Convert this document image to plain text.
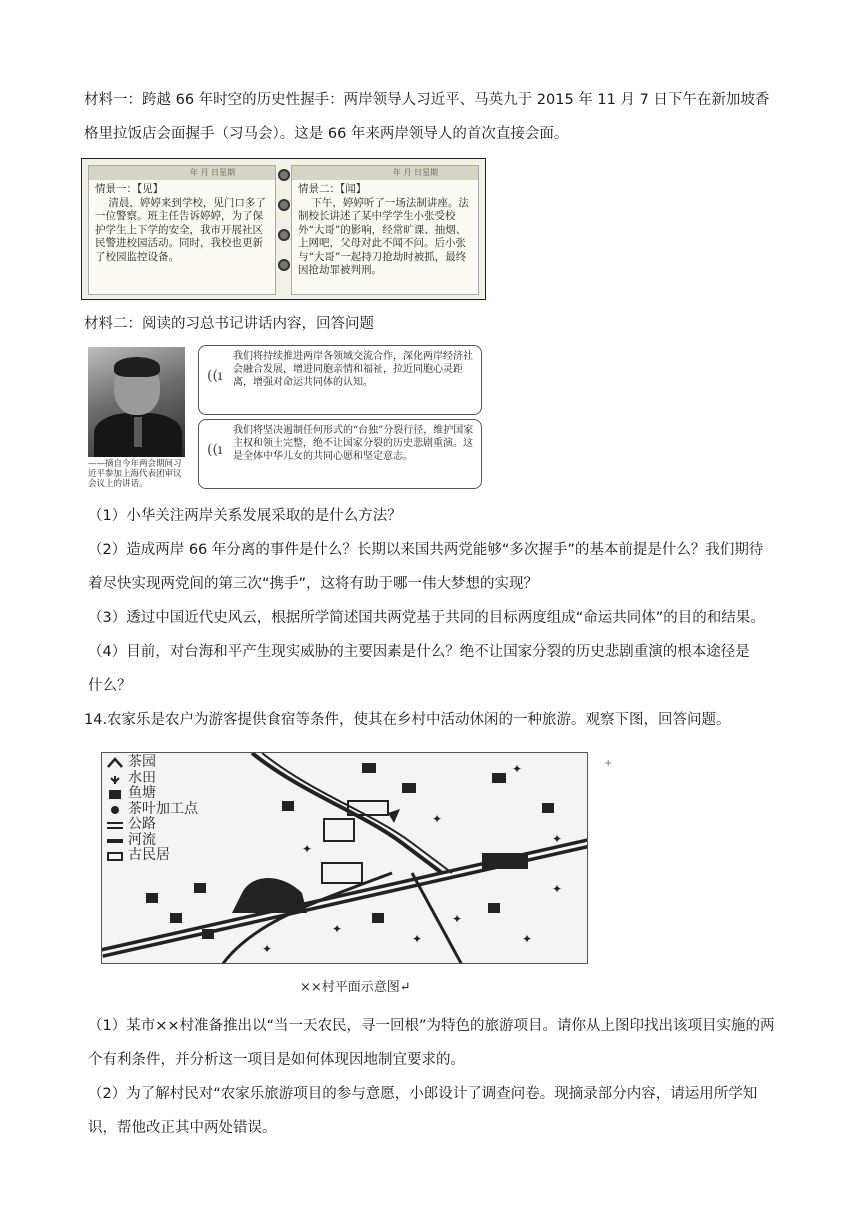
材料一：跨越 66 年时空的历史性握手：两岸领导人习近平、马英九于 2015 年 11 月 7 日下午在新加坡香
格里拉饭店会面握手（习马会）。这是 66 年来两岸领导人的首次直接会面。
年 月 日星期
情景一：【见】
清晨，婷婷来到学校，见门口多了一位警察。班主任告诉婷婷，为了保护学生上下学的安全，我市开展社区民警进校园活动。同时，我校也更新了校园监控设备。
年 月 日星期
情景二：【闻】
下午，婷婷听了一场法制讲座。法制校长讲述了某中学学生小张受校外“大哥”的影响，经常旷课、抽烟、上网吧，父母对此不闻不问。后小张与“大哥”一起持刀抢劫时被抓，最终因抢劫罪被判刑。
材料二：阅读的习总书记讲话内容，回答问题
——摘自今年两会期间习近平参加上海代表团审议会议上的讲话。
((ı
我们将持续推进两岸各领域交流合作，深化两岸经济社会融合发展，增进同胞亲情和福祉，拉近同胞心灵距离，增强对命运共同体的认知。
((ı
我们将坚决遏制任何形式的“台独”分裂行径，维护国家主权和领土完整，绝不让国家分裂的历史悲剧重演。这是全体中华儿女的共同心愿和坚定意志。
（1）小华关注两岸关系发展采取的是什么方法？
（2）造成两岸 66 年分离的事件是什么？长期以来国共两党能够“多次握手”的基本前提是什么？我们期待
着尽快实现两党间的第三次“携手”，这将有助于哪一伟大梦想的实现？
（3）透过中国近代史风云，根据所学简述国共两党基于共同的目标两度组成“命运共同体”的目的和结果。
（4）目前，对台海和平产生现实威胁的主要因素是什么？绝不让国家分裂的历史悲剧重演的根本途径是
什么？
14.农家乐是农户为游客提供食宿等条件，使其在乡村中活动休闲的一种旅游。观察下图，回答问题。
✦
✦
✦
✦
✦
✦
✦
✦
✦
✦
茶园
水田
鱼塘
茶叶加工点
公路
河流
古民居
+
××村平面示意图↵
（1）某市××村准备推出以“当一天农民，寻一回根”为特色的旅游项目。请你从上图印找出该项目实施的两
个有利条件，并分析这一项目是如何体现因地制宜要求的。
（2）为了解村民对“农家乐旅游项目的参与意愿，小郎设计了调查问卷。现摘录部分内容，请运用所学知
识，帮他改正其中两处错误。
